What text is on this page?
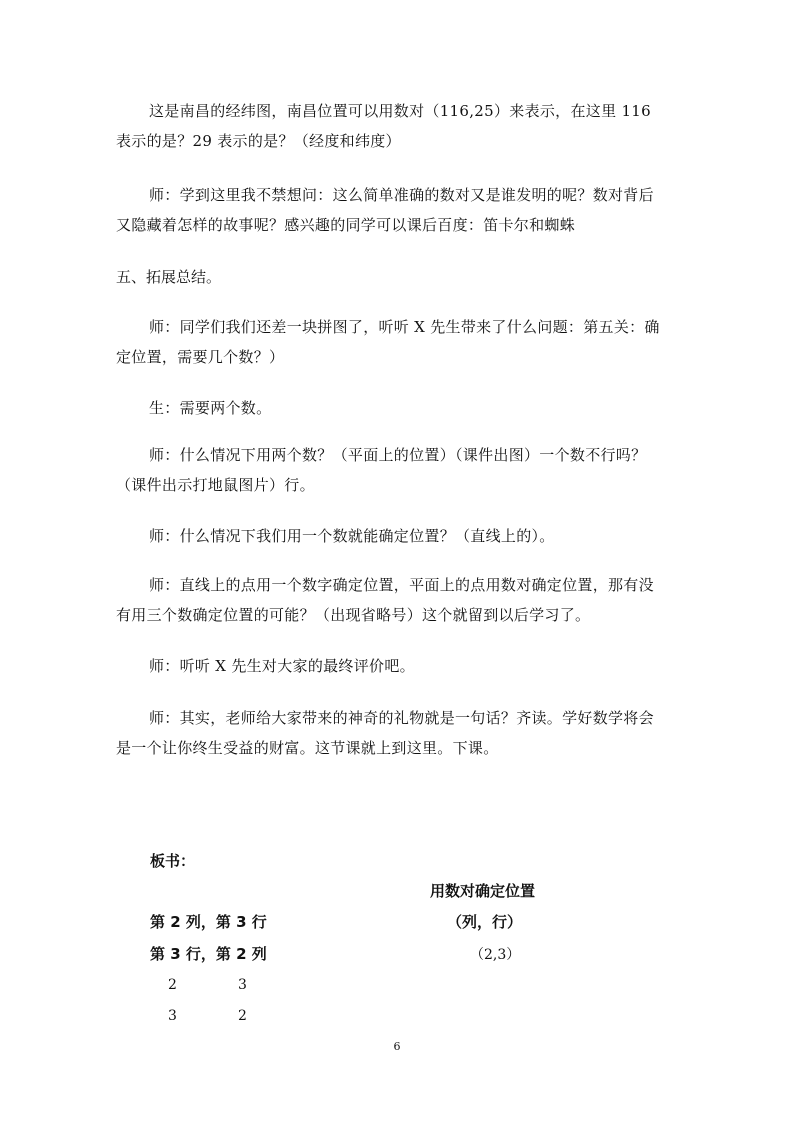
这是南昌的经纬图，南昌位置可以用数对（116,25）来表示，在这里 116 表示的是？29 表示的是？（经度和纬度）

师：学到这里我不禁想问：这么简单准确的数对又是谁发明的呢？数对背后又隐藏着怎样的故事呢？感兴趣的同学可以课后百度：笛卡尔和蜘蛛

五、拓展总结。

师：同学们我们还差一块拼图了，听听 X 先生带来了什么问题：第五关：确定位置，需要几个数？）

生：需要两个数。

师：什么情况下用两个数？（平面上的位置）（课件出图）一个数不行吗？（课件出示打地鼠图片）行。

师：什么情况下我们用一个数就能确定位置？（直线上的）。

师：直线上的点用一个数字确定位置，平面上的点用数对确定位置，那有没有用三个数确定位置的可能？（出现省略号）这个就留到以后学习了。

师：听听 X 先生对大家的最终评价吧。

师：其实，老师给大家带来的神奇的礼物就是一句话？齐读。学好数学将会是一个让你终生受益的财富。这节课就上到这里。下课。

板书：

用数对确定位置

第 2 列，第 3 行	（列，行）

第 3 行，第 2 列	（2,3）

2	3

3	2

6
